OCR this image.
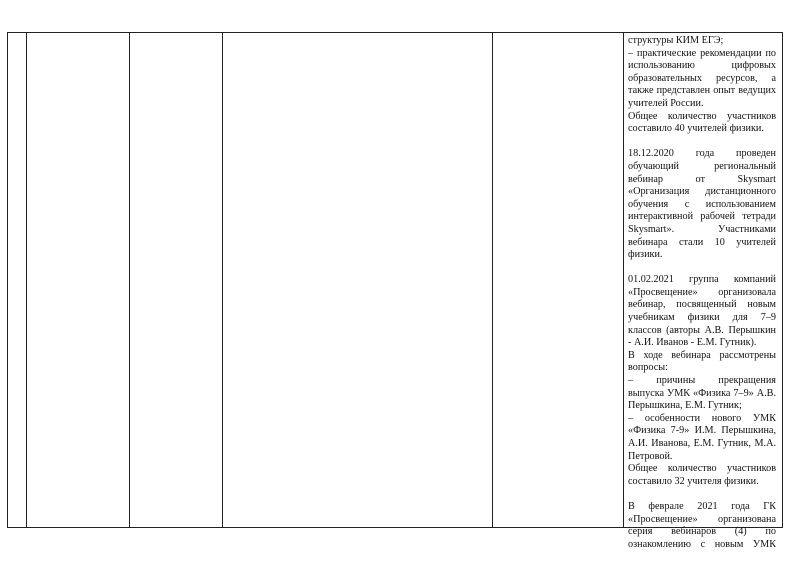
структуры КИМ ЕГЭ;

– практические рекомендации по

использованию цифровых

образовательных ресурсов, а

также представлен опыт ведущих

учителей России.

Общее количество участников

составило 40 учителей физики.

18.12.2020 года проведен

обучающий региональный

вебинар от Skysmart

«Организация дистанционного

обучения с использованием

интерактивной рабочей тетради

Skysmart». Участниками

вебинара стали 10 учителей

физики.

01.02.2021 группа компаний

«Просвещение» организовала

вебинар, посвященный новым

учебникам физики для 7–9

классов (авторы А.В. Перышкин

- А.И. Иванов - Е.М. Гутник).

В ходе вебинара рассмотрены

вопросы:

– причины прекращения

выпуска УМК «Физика 7–9» А.В.

Перышкина, Е.М. Гутник;

– особенности нового УМК

«Физика 7-9» И.М. Перышкина,

А.И. Иванова, Е.М. Гутник, М.А.

Петровой.

Общее количество участников

составило 32 учителя физики.

В феврале 2021 года ГК

«Просвещение» организована

серия вебинаров (4) по

ознакомлению с новым УМК
